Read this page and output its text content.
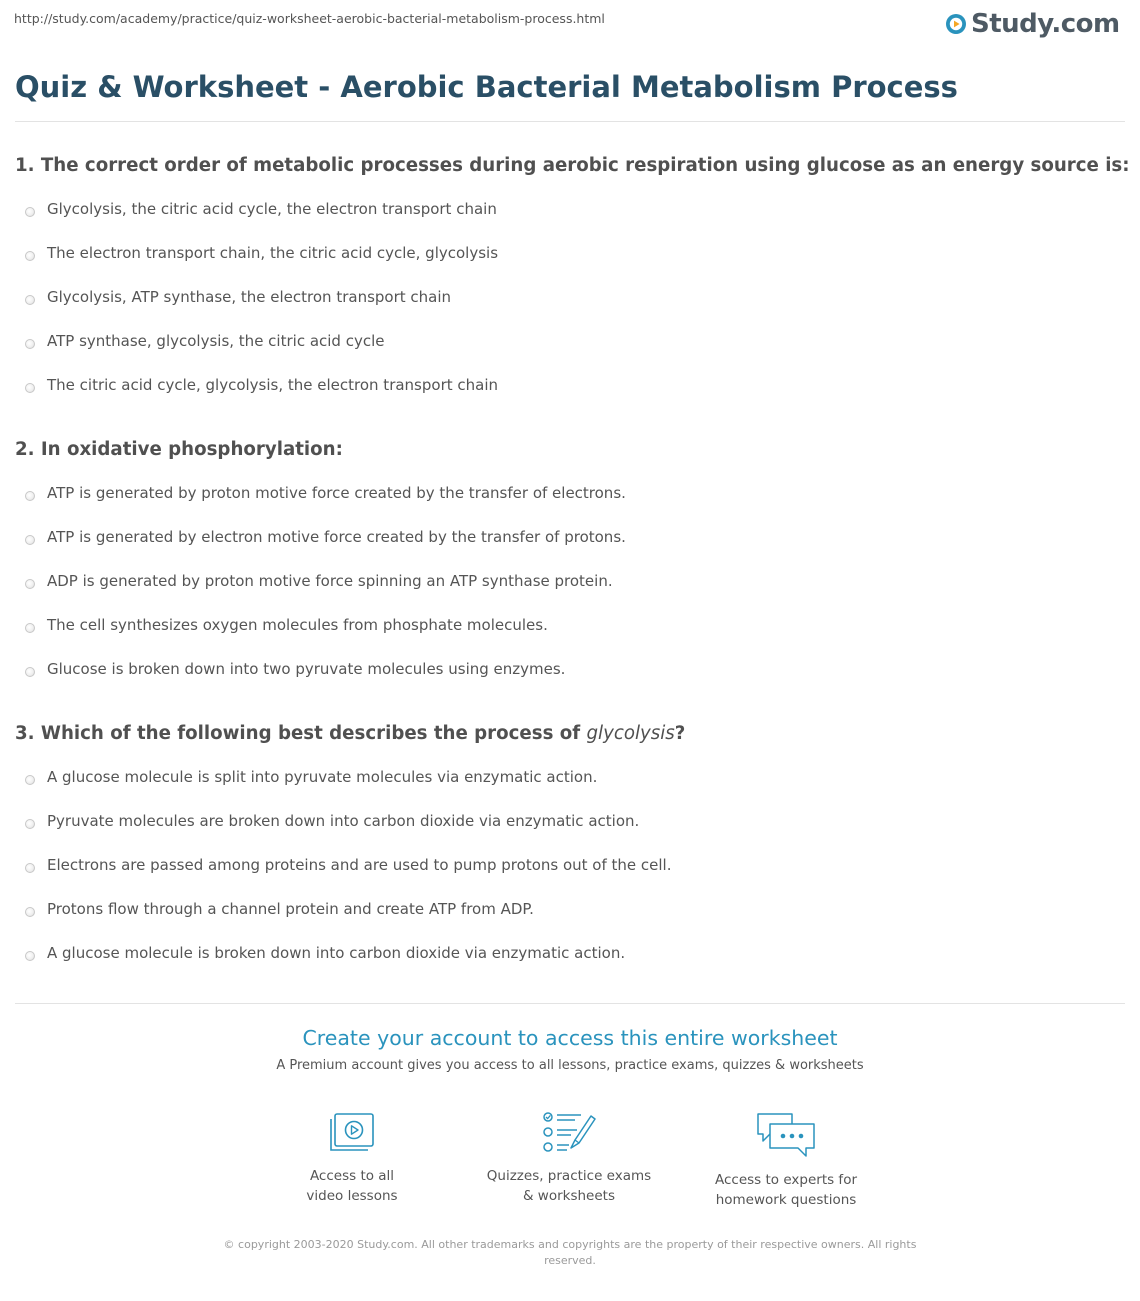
http://study.com/academy/practice/quiz-worksheet-aerobic-bacterial-metabolism-process.html	Study.com
Quiz & Worksheet - Aerobic Bacterial Metabolism Process

1. The correct order of metabolic processes during aerobic respiration using glucose as an energy source is:

Glycolysis, the citric acid cycle, the electron transport chain
The electron transport chain, the citric acid cycle, glycolysis
Glycolysis, ATP synthase, the electron transport chain
ATP synthase, glycolysis, the citric acid cycle
The citric acid cycle, glycolysis, the electron transport chain

2. In oxidative phosphorylation:

ATP is generated by proton motive force created by the transfer of electrons.
ATP is generated by electron motive force created by the transfer of protons.
ADP is generated by proton motive force spinning an ATP synthase protein.
The cell synthesizes oxygen molecules from phosphate molecules.
Glucose is broken down into two pyruvate molecules using enzymes.

3. Which of the following best describes the process of glycolysis?

A glucose molecule is split into pyruvate molecules via enzymatic action.
Pyruvate molecules are broken down into carbon dioxide via enzymatic action.
Electrons are passed among proteins and are used to pump protons out of the cell.
Protons flow through a channel protein and create ATP from ADP.
A glucose molecule is broken down into carbon dioxide via enzymatic action.
Create your account to access this entire worksheet
A Premium account gives you access to all lessons, practice exams, quizzes & worksheets
Access to all
video lessons
Quizzes, practice exams
& worksheets
Access to experts for
homework questions
© copyright 2003-2020 Study.com. All other trademarks and copyrights are the property of their respective owners. All rights reserved.
